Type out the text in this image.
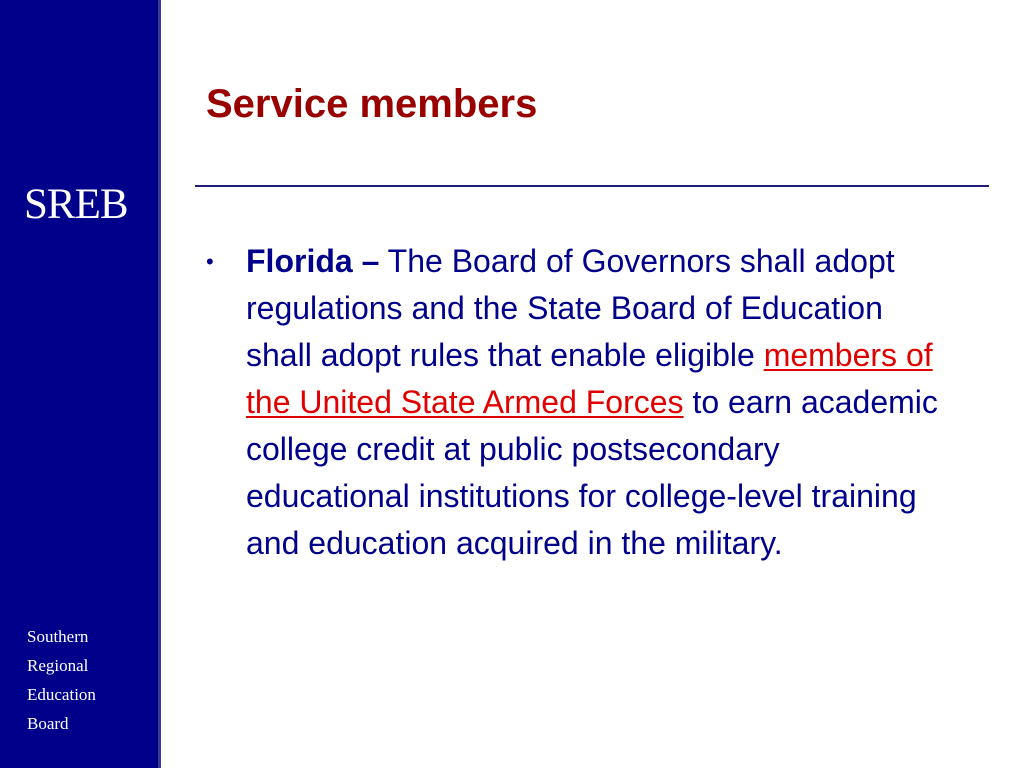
SREB
Southern
Regional
Education
Board
Service members
• Florida – The Board of Governors shall adopt regulations and the State Board of Education shall adopt rules that enable eligible members of the United State Armed Forces to earn academic college credit at public postsecondary educational institutions for college-level training and education acquired in the military.
